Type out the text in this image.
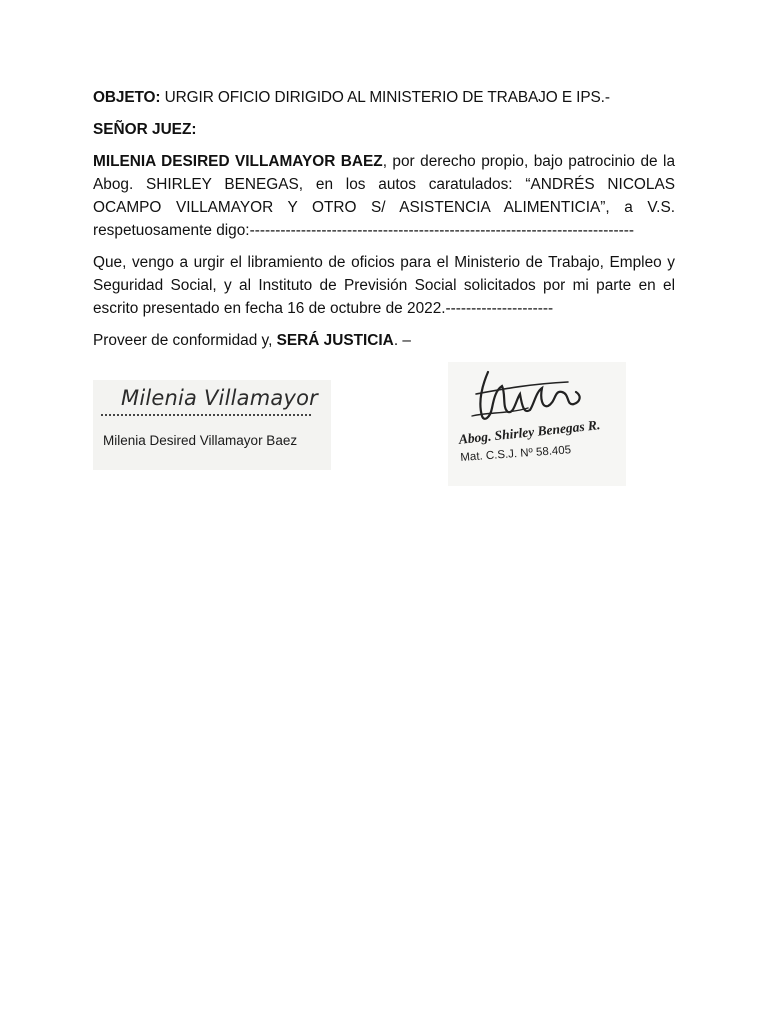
OBJETO: URGIR OFICIO DIRIGIDO AL MINISTERIO DE TRABAJO E IPS.-

SEÑOR JUEZ:

MILENIA DESIRED VILLAMAYOR BAEZ, por derecho propio, bajo patrocinio de la Abog. SHIRLEY BENEGAS, en los autos caratulados: “ANDRÉS NICOLAS OCAMPO VILLAMAYOR Y OTRO S/ ASISTENCIA ALIMENTICIA”, a V.S. respetuosamente digo:---------------------------------------------------------------------------

Que, vengo a urgir el libramiento de oficios para el Ministerio de Trabajo, Empleo y Seguridad Social, y al Instituto de Previsión Social solicitados por mi parte en el escrito presentado en fecha 16 de octubre de 2022.---------------------

Proveer de conformidad y, SERÁ JUSTICIA. –

Milenia Villamayor
Milenia Desired Villamayor Baez	Abog. Shirley Benegas R.
Mat. C.S.J. Nº 58.405
